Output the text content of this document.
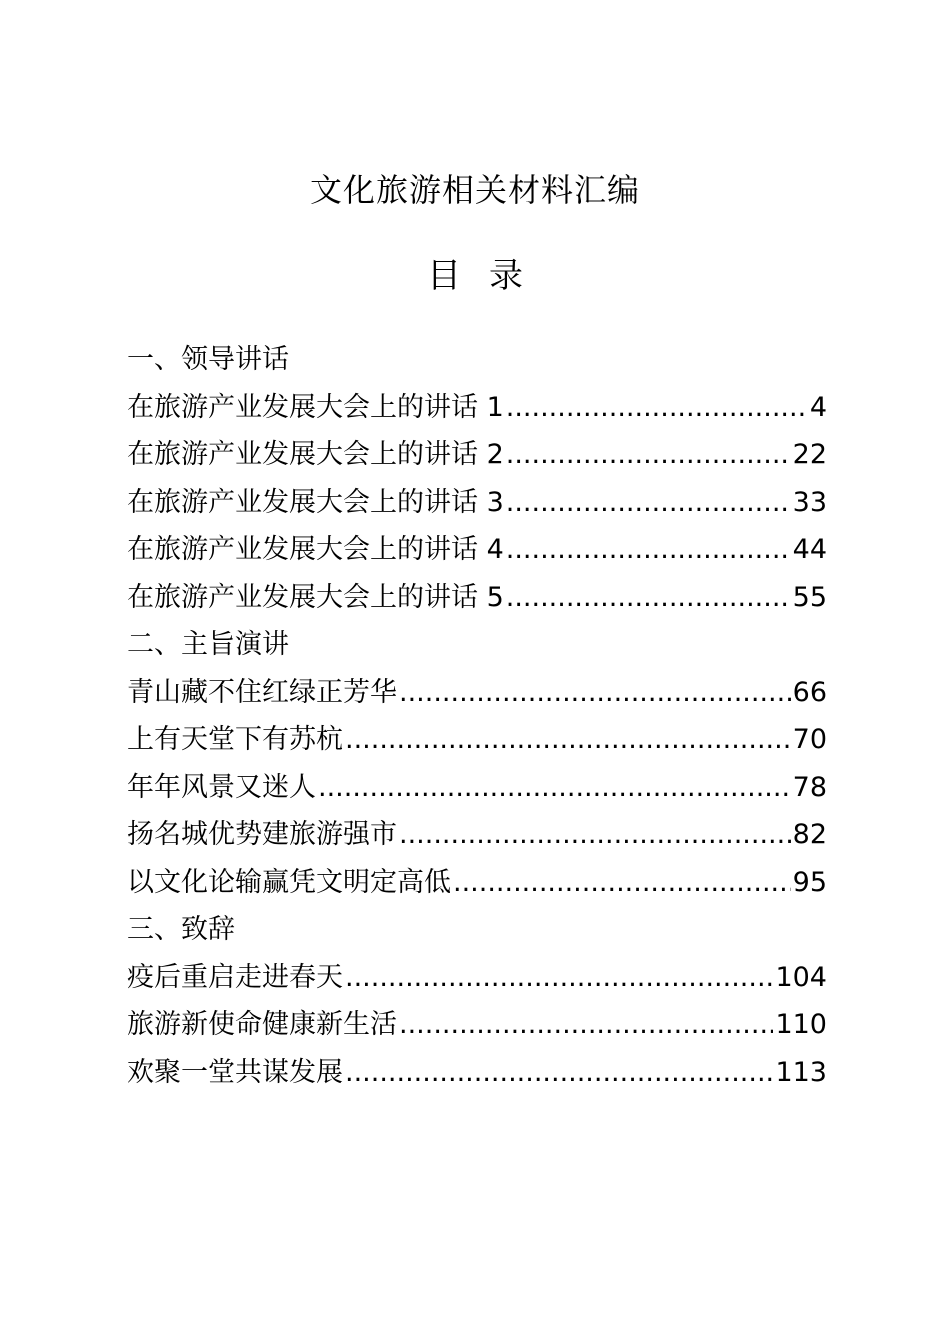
文化旅游相关材料汇编
目录
一、领导讲话
在旅游产业发展大会上的讲话 1 .....	4
在旅游产业发展大会上的讲话 2 .....	22
在旅游产业发展大会上的讲话 3 .....	33
在旅游产业发展大会上的讲话 4 .....	44
在旅游产业发展大会上的讲话 5 .....	55
二、主旨演讲
青山藏不住红绿正芳华 .....	66
上有天堂下有苏杭 .....	70
年年风景又迷人 .....	78
扬名城优势建旅游强市 .....	82
以文化论输赢凭文明定高低 .....	95
三、致辞
疫后重启走进春天 .....	104
旅游新使命健康新生活 .....	110
欢聚一堂共谋发展 .....	113
